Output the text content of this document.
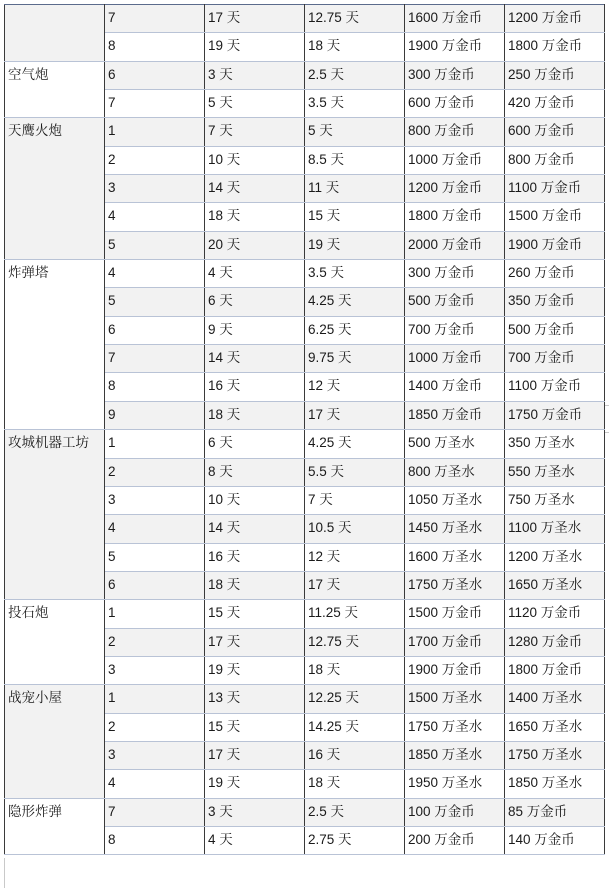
	7	17 天	12.75 天	1600 万金币	1200 万金币
	8	19 天	18 天	1900 万金币	1800 万金币
空气炮	6	3 天	2.5 天	300 万金币	250 万金币
	7	5 天	3.5 天	600 万金币	420 万金币
天鹰火炮	1	7 天	5 天	800 万金币	600 万金币
	2	10 天	8.5 天	1000 万金币	800 万金币
	3	14 天	11 天	1200 万金币	1100 万金币
	4	18 天	15 天	1800 万金币	1500 万金币
	5	20 天	19 天	2000 万金币	1900 万金币
炸弹塔	4	4 天	3.5 天	300 万金币	260 万金币
	5	6 天	4.25 天	500 万金币	350 万金币
	6	9 天	6.25 天	700 万金币	500 万金币
	7	14 天	9.75 天	1000 万金币	700 万金币
	8	16 天	12 天	1400 万金币	1100 万金币
	9	18 天	17 天	1850 万金币	1750 万金币
攻城机器工坊	1	6 天	4.25 天	500 万圣水	350 万圣水
	2	8 天	5.5 天	800 万圣水	550 万圣水
	3	10 天	7 天	1050 万圣水	750 万圣水
	4	14 天	10.5 天	1450 万圣水	1100 万圣水
	5	16 天	12 天	1600 万圣水	1200 万圣水
	6	18 天	17 天	1750 万圣水	1650 万圣水
投石炮	1	15 天	11.25 天	1500 万金币	1120 万金币
	2	17 天	12.75 天	1700 万金币	1280 万金币
	3	19 天	18 天	1900 万金币	1800 万金币
战宠小屋	1	13 天	12.25 天	1500 万圣水	1400 万圣水
	2	15 天	14.25 天	1750 万圣水	1650 万圣水
	3	17 天	16 天	1850 万圣水	1750 万圣水
	4	19 天	18 天	1950 万圣水	1850 万圣水
隐形炸弹	7	3 天	2.5 天	100 万金币	85 万金币
	8	4 天	2.75 天	200 万金币	140 万金币
